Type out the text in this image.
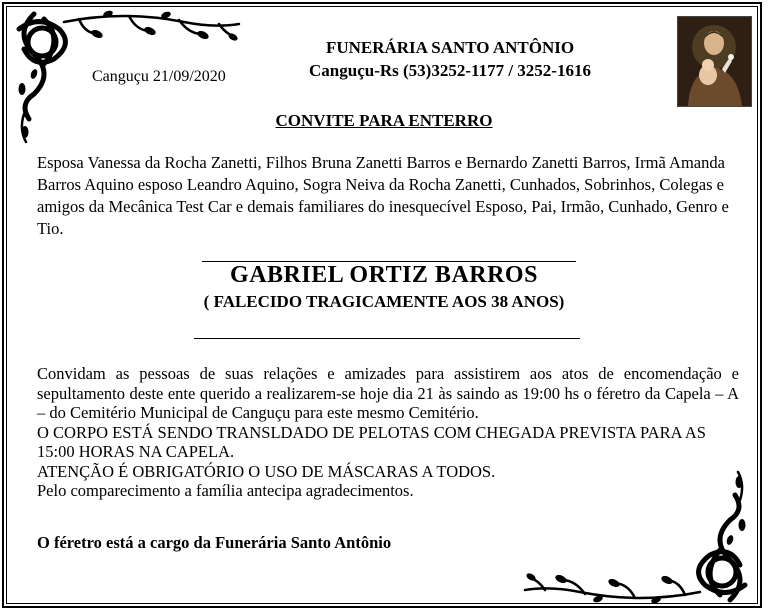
Canguçu 21/09/2020
FUNERÁRIA SANTO ANTÔNIO
Canguçu-Rs (53)3252-1177 / 3252-1616
CONVITE PARA ENTERRO
Esposa Vanessa da Rocha Zanetti, Filhos Bruna Zanetti Barros e Bernardo Zanetti Barros, Irmã Amanda Barros Aquino esposo Leandro Aquino, Sogra Neiva da Rocha Zanetti, Cunhados, Sobrinhos, Colegas e amigos da Mecânica Test Car e demais familiares do inesquecível Esposo, Pai, Irmão, Cunhado, Genro e Tio.
GABRIEL ORTIZ BARROS
( FALECIDO TRAGICAMENTE AOS 38 ANOS)

Convidam as pessoas de suas relações e amizades para assistirem aos atos de encomendação e sepultamento deste ente querido a realizarem-se hoje dia 21 às saindo as 19:00 hs o féretro da Capela – A – do Cemitério Municipal de Canguçu para este mesmo Cemitério.

O CORPO ESTÁ SENDO TRANSLDADO DE PELOTAS COM CHEGADA PREVISTA PARA AS 15:00 HORAS NA CAPELA.

ATENÇÃO É OBRIGATÓRIO O USO DE MÁSCARAS A TODOS.

Pelo comparecimento a família antecipa agradecimentos.

O féretro está a cargo da Funerária Santo Antônio
